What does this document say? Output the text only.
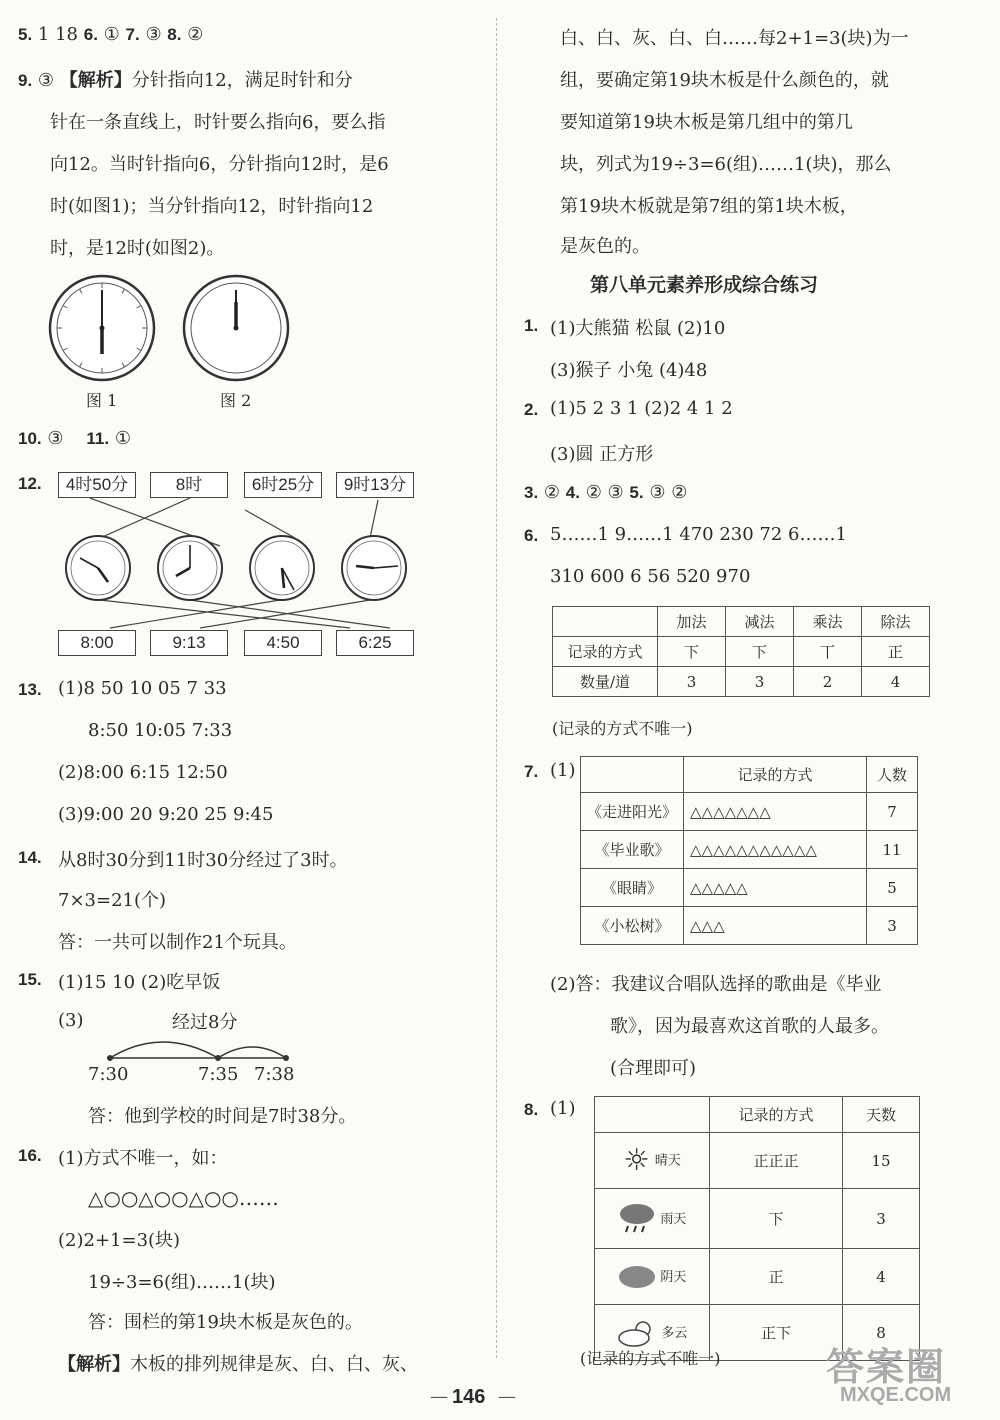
5. 1 18 6. ① 7. ③ 8. ②
9. ③ 【解析】分针指向12，满足时针和分
针在一条直线上，时针要么指向6，要么指
向12。当时针指向6，分针指向12时，是6
时(如图1)；当分针指向12，时针指向12
时，是12时(如图2)。
图 1	图 2
10. ③ 11. ①
12.	4时50分	8时	6时25分	9时13分
8:00	9:13	4:50	6:25
13. (1)8 50 10 05 7 33
8:50 10:05 7:33
(2)8:00 6:15 12:50
(3)9:00 20 9:20 25 9:45
14. 从8时30分到11时30分经过了3时。
7×3=21(个)
答：一共可以制作21个玩具。
15. (1)15 10 (2)吃早饭
(3)	经过8分
7:30	7:35 7:38
答：他到学校的时间是7时38分。
16. (1)方式不唯一，如：
△○○△○○△○○……
(2)2+1=3(块)
19÷3=6(组)……1(块)
答：围栏的第19块木板是灰色的。
【解析】木板的排列规律是灰、白、白、灰、
白、白、灰、白、白……每2+1=3(块)为一
组，要确定第19块木板是什么颜色的，就
要知道第19块木板是第几组中的第几
块，列式为19÷3=6(组)……1(块)，那么
第19块木板就是第7组的第1块木板，
是灰色的。
第八单元素养形成综合练习
1. (1)大熊猫 松鼠 (2)10
(3)猴子 小兔 (4)48
2. (1)5 2 3 1 (2)2 4 1 2
(3)圆 正方形
3. ② 4. ② ③ 5. ③ ②
6. 5……1 9……1 470 230 72 6……1
310 600 6 56 520 970
	加法	减法	乘法	除法
记录的方式	下	下	丅	正
数量/道	3	3	2	4
(记录的方式不唯一)
7. (1)
		记录的方式	人数
《走进阳光》	△△△△△△△	7
《毕业歌》	△△△△△△△△△△△	11
《眼睛》	△△△△△	5
《小松树》	△△△	3
(2)答：我建议合唱队选择的歌曲是《毕业
歌》，因为最喜欢这首歌的人最多。
(合理即可)
8. (1)
		记录的方式	天数
☼ 晴天	正正正	15
雨天	下	3
阴天	正	4
多云	正下	8
(记录的方式不唯一)
— 146 —
答案圈
MXQE.COM
